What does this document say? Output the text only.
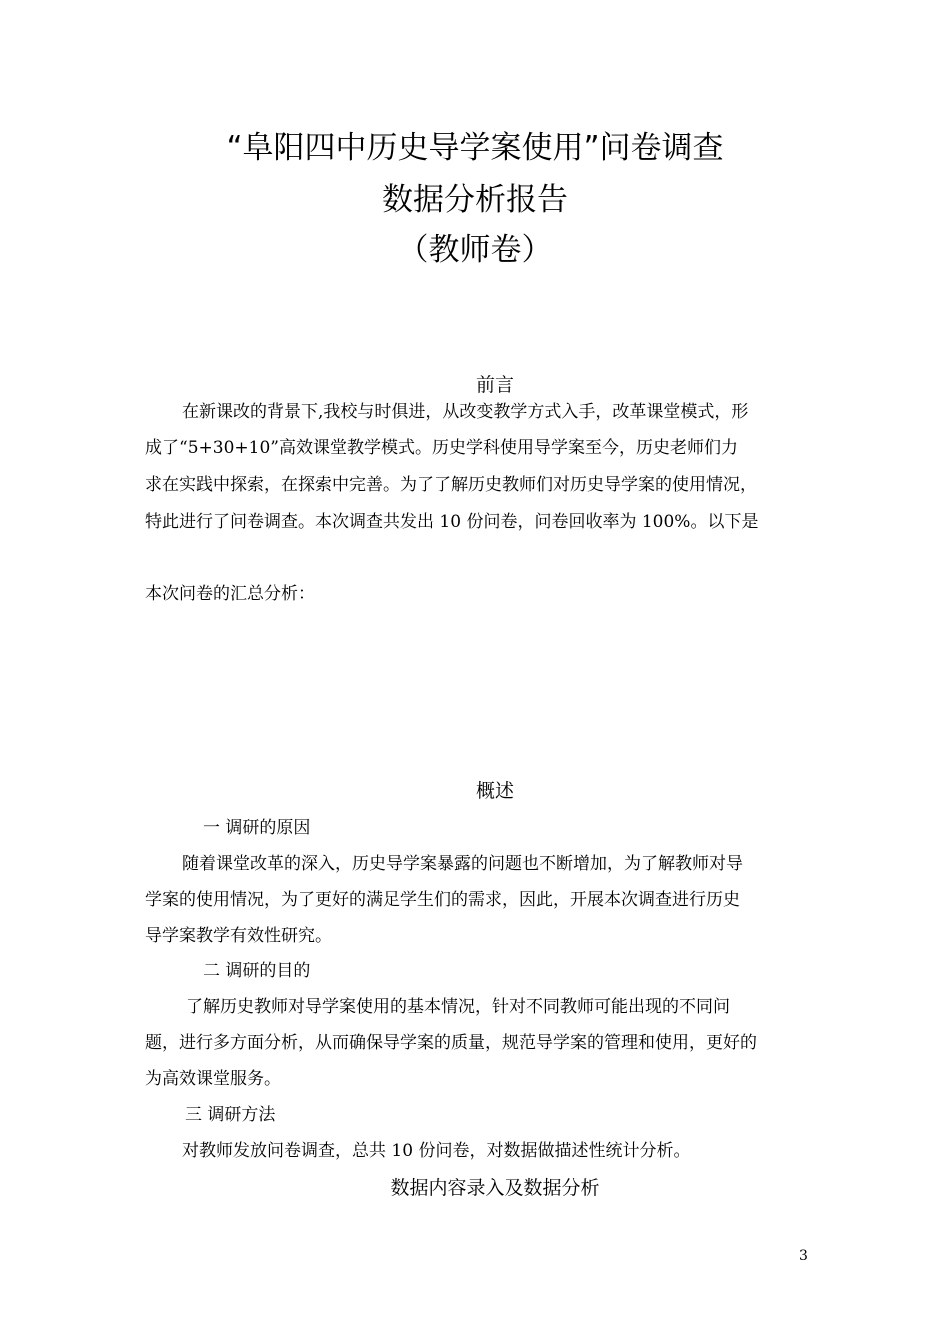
“阜阳四中历史导学案使用”问卷调查
数据分析报告
（教师卷）
前言
在新课改的背景下,我校与时俱进，从改变教学方式入手，改革课堂模式，形
成了“5+30+10”高效课堂教学模式。历史学科使用导学案至今，历史老师们力
求在实践中探索，在探索中完善。为了了解历史教师们对历史导学案的使用情况，
特此进行了问卷调查。本次调查共发出 10 份问卷，问卷回收率为 100%。以下是
本次问卷的汇总分析：
概述
一 调研的原因
随着课堂改革的深入，历史导学案暴露的问题也不断增加，为了解教师对导
学案的使用情况，为了更好的满足学生们的需求，因此，开展本次调查进行历史
导学案教学有效性研究。
二 调研的目的
了解历史教师对导学案使用的基本情况，针对不同教师可能出现的不同问
题，进行多方面分析，从而确保导学案的质量，规范导学案的管理和使用，更好的
为高效课堂服务。
三 调研方法
对教师发放问卷调查，总共 10 份问卷，对数据做描述性统计分析。
数据内容录入及数据分析
3
